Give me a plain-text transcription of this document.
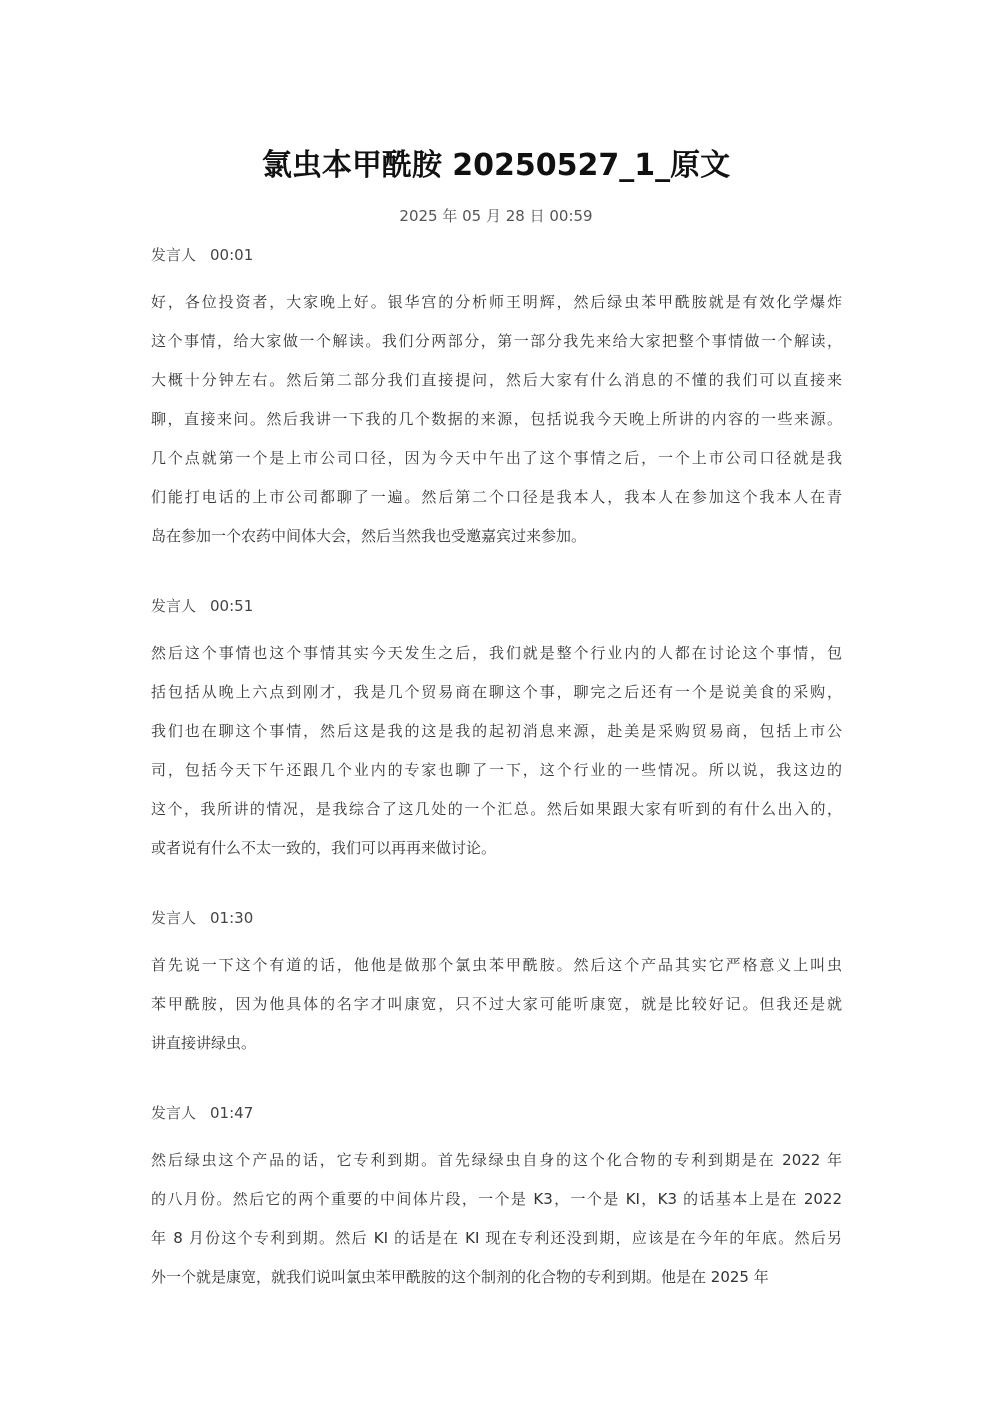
氯虫本甲酰胺 20250527_1_原文
2025 年 05 月 28 日 00:59
发言人 00:01
好，各位投资者，大家晚上好。银华宫的分析师王明辉，然后绿虫苯甲酰胺就是有效化学爆炸
这个事情，给大家做一个解读。我们分两部分，第一部分我先来给大家把整个事情做一个解读，
大概十分钟左右。然后第二部分我们直接提问，然后大家有什么消息的不懂的我们可以直接来
聊，直接来问。然后我讲一下我的几个数据的来源，包括说我今天晚上所讲的内容的一些来源。
几个点就第一个是上市公司口径，因为今天中午出了这个事情之后，一个上市公司口径就是我
们能打电话的上市公司都聊了一遍。然后第二个口径是我本人，我本人在参加这个我本人在青
岛在参加一个农药中间体大会，然后当然我也受邀嘉宾过来参加。
发言人 00:51
然后这个事情也这个事情其实今天发生之后，我们就是整个行业内的人都在讨论这个事情，包
括包括从晚上六点到刚才，我是几个贸易商在聊这个事，聊完之后还有一个是说美食的采购，
我们也在聊这个事情，然后这是我的这是我的起初消息来源，赴美是采购贸易商，包括上市公
司，包括今天下午还跟几个业内的专家也聊了一下，这个行业的一些情况。所以说，我这边的
这个，我所讲的情况，是我综合了这几处的一个汇总。然后如果跟大家有听到的有什么出入的，
或者说有什么不太一致的，我们可以再再来做讨论。
发言人 01:30
首先说一下这个有道的话，他他是做那个氯虫苯甲酰胺。然后这个产品其实它严格意义上叫虫
苯甲酰胺，因为他具体的名字才叫康宽，只不过大家可能听康宽，就是比较好记。但我还是就
讲直接讲绿虫。
发言人 01:47
然后绿虫这个产品的话，它专利到期。首先绿绿虫自身的这个化合物的专利到期是在 2022 年
的八月份。然后它的两个重要的中间体片段，一个是 K3，一个是 KI，K3 的话基本上是在 2022
年 8 月份这个专利到期。然后 KI 的话是在 KI 现在专利还没到期，应该是在今年的年底。然后另
外一个就是康宽，就我们说叫氯虫苯甲酰胺的这个制剂的化合物的专利到期。他是在 2025 年
